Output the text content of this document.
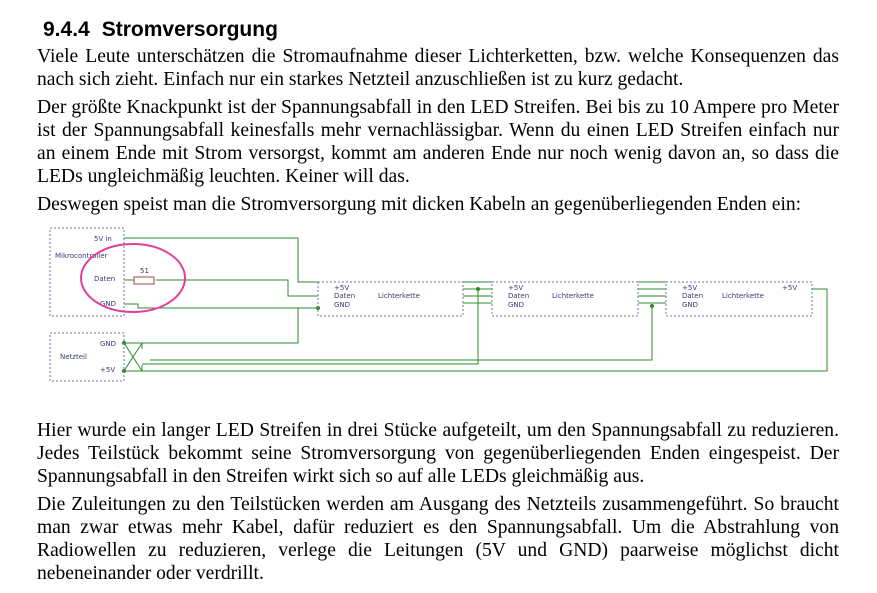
9.4.4 Stromversorgung

Viele Leute unterschätzen die Stromaufnahme dieser Lichterketten, bzw. welche Konsequenzen das nach sich zieht. Einfach nur ein starkes Netzteil anzuschließen ist zu kurz gedacht.

Der größte Knackpunkt ist der Spannungsabfall in den LED Streifen. Bei bis zu 10 Ampere pro Meter ist der Spannungsabfall keinesfalls mehr vernachlässigbar. Wenn du einen LED Streifen einfach nur an einem Ende mit Strom versorgst, kommt am anderen Ende nur noch wenig davon an, so dass die LEDs ungleichmäßig leuchten. Keiner will das.

Deswegen speist man die Stromversorgung mit dicken Kabeln an gegenüberliegenden Enden ein:

5V in
Mikrocontroller
Daten
GND
51
GND
Netzteil
+5V
+5V
Daten
GND
Lichterkette
+5V
Daten
GND
Lichterkette
+5V
Daten
GND
Lichterkette
+5V

Hier wurde ein langer LED Streifen in drei Stücke aufgeteilt, um den Spannungsabfall zu reduzieren. Jedes Teilstück bekommt seine Stromversorgung von gegenüberliegenden Enden eingespeist. Der Spannungsabfall in den Streifen wirkt sich so auf alle LEDs gleichmäßig aus.

Die Zuleitungen zu den Teilstücken werden am Ausgang des Netzteils zusammengeführt. So braucht man zwar etwas mehr Kabel, dafür reduziert es den Spannungsabfall. Um die Abstrahlung von Radiowellen zu reduzieren, verlege die Leitungen (5V und GND) paarweise möglichst dicht nebeneinander oder verdrillt.
